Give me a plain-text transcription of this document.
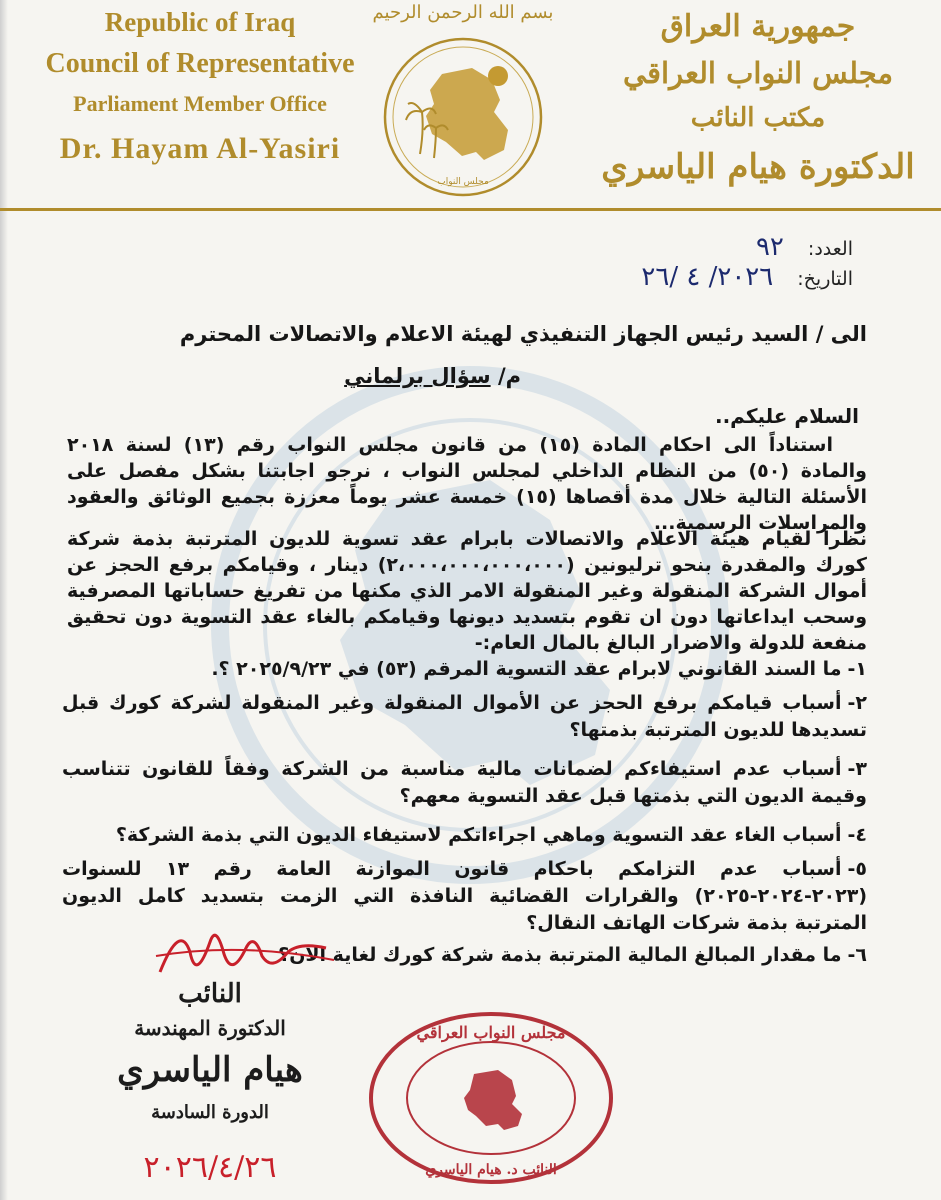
Republic of Iraq
Council of Representative
Parliament Member Office
Dr. Hayam Al-Yasiri
بسم الله الرحمن الرحيم
مجلس النواب
جمهورية العراق
مجلس النواب العراقي
مكتب النائب
الدكتورة هيام الياسري
العدد: ٩٢
التاريخ: ٢٠٢٦/ ٤ /٢٦
الى / السيد رئيس الجهاز التنفيذي لهيئة الاعلام والاتصالات المحترم
م/ سؤال برلماني
السلام عليكم..
استناداً الى احكام المادة (١٥) من قانون مجلس النواب رقم (١٣) لسنة ٢٠١٨ والمادة (٥٠) من النظام الداخلي لمجلس النواب ، نرجو اجابتنا بشكل مفصل على الأسئلة التالية خلال مدة أقصاها (١٥) خمسة عشر يوماً معززة بجميع الوثائق والعقود والمراسلات الرسمية...
نظراً لقيام هيئة الاعلام والاتصالات بابرام عقد تسوية للديون المترتبة بذمة شركة كورك والمقدرة بنحو ترليونين (٢،٠٠٠،٠٠٠،٠٠٠،٠٠٠) دينار ، وقيامكم برفع الحجز عن أموال الشركة المنقولة وغير المنقولة الامر الذي مكنها من تفريغ حساباتها المصرفية وسحب ايداعاتها دون ان تقوم بتسديد ديونها وقيامكم بالغاء عقد التسوية دون تحقيق منفعة للدولة والاضرار البالغ بالمال العام:-
١-ما السند القانوني لابرام عقد التسوية المرقم (٥٣) في ٢٠٢٥/٩/٢٣ ؟.
٢-أسباب قيامكم برفع الحجز عن الأموال المنقولة وغير المنقولة لشركة كورك قبل تسديدها للديون المترتبة بذمتها؟
٣-أسباب عدم استيفاءكم لضمانات مالية مناسبة من الشركة وفقاً للقانون تتناسب وقيمة الديون التي بذمتها قبل عقد التسوية معهم؟
٤-أسباب الغاء عقد التسوية وماهي اجراءاتكم لاستيفاء الديون التي بذمة الشركة؟
٥-أسباب عدم التزامكم باحكام قانون الموازنة العامة رقم ١٣ للسنوات (٢٠٢٣-٢٠٢٤-٢٠٢٥) والقرارات القضائية النافذة التي الزمت بتسديد كامل الديون المترتبة بذمة شركات الهاتف النقال؟
٦-ما مقدار المبالغ المالية المترتبة بذمة شركة كورك لغاية الان؟
النائب
الدكتورة المهندسة
هيام الياسري
الدورة السادسة
٢٠٢٦/٤/٢٦
مجلس النواب العراقي
النائب د. هيام الياسري
